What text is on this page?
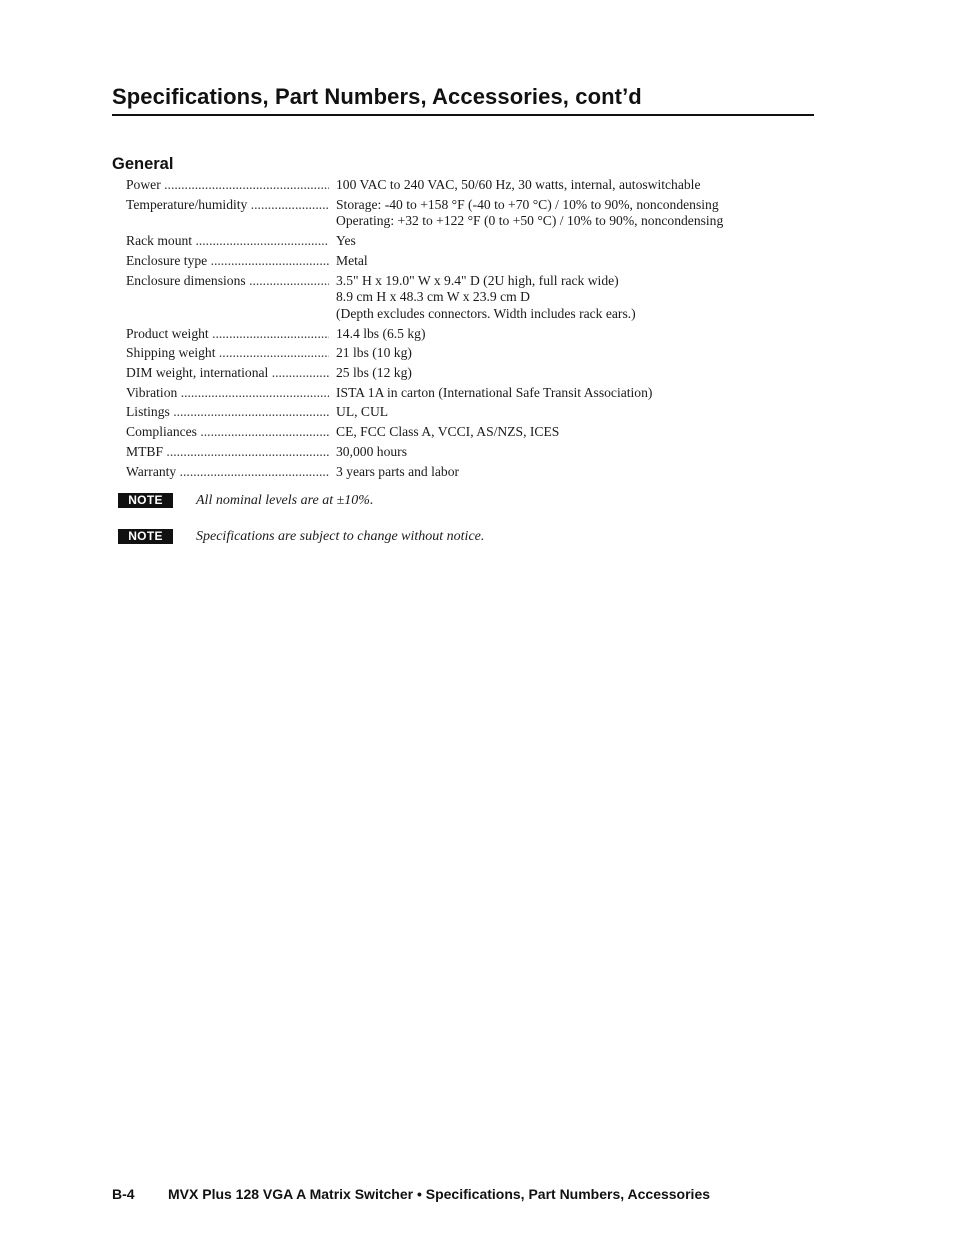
Specifications, Part Numbers, Accessories, cont’d
General
Power .....	100 VAC to 240 VAC, 50/60 Hz, 30 watts, internal, autoswitchable
Temperature/humidity .....	Storage: -40 to +158 °F (-40 to +70 °C) / 10% to 90%, noncondensing
Operating: +32 to +122 °F (0 to +50 °C) / 10% to 90%, noncondensing
Rack mount .....	Yes
Enclosure type .....	Metal
Enclosure dimensions .....	3.5" H x 19.0" W x 9.4" D (2U high, full rack wide)
8.9 cm H x 48.3 cm W x 23.9 cm D
(Depth excludes connectors. Width includes rack ears.)
Product weight .....	14.4 lbs (6.5 kg)
Shipping weight .....	21 lbs (10 kg)
DIM weight, international .....	25 lbs (12 kg)
Vibration .....	ISTA 1A in carton (International Safe Transit Association)
Listings .....	UL, CUL
Compliances .....	CE, FCC Class A, VCCI, AS/NZS, ICES
MTBF .....	30,000 hours
Warranty .....	3 years parts and labor
NOTE	All nominal levels are at ±10%.
NOTE	Specifications are subject to change without notice.
B-4 MVX Plus 128 VGA A Matrix Switcher • Specifications, Part Numbers, Accessories
